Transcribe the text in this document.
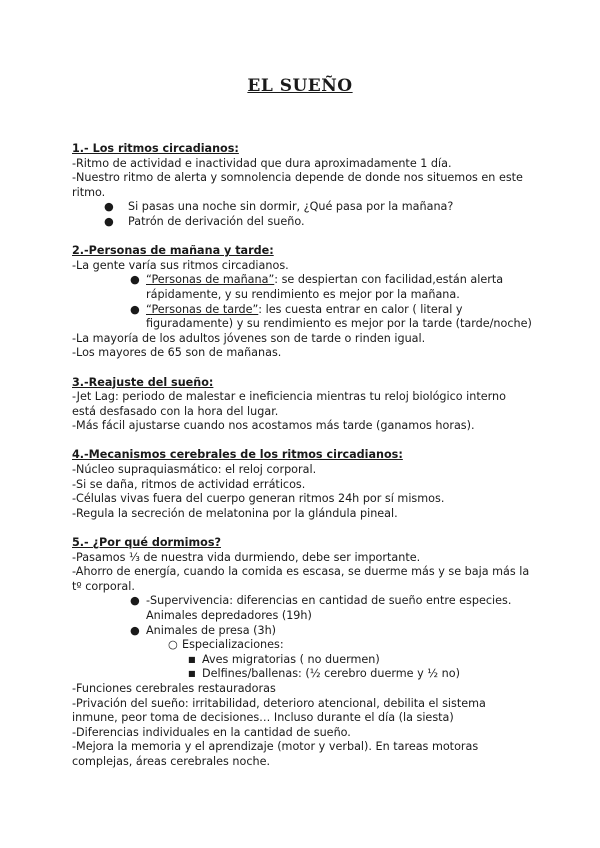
EL SUEÑO
1.- Los ritmos circadianos:
-Ritmo de actividad e inactividad que dura aproximadamente 1 día.
-Nuestro ritmo de alerta y somnolencia depende de donde nos situemos en este ritmo.
● Si pasas una noche sin dormir, ¿Qué pasa por la mañana?
● Patrón de derivación del sueño.
2.-Personas de mañana y tarde:
-La gente varía sus ritmos circadianos.
● “Personas de mañana”: se despiertan con facilidad,están alerta rápidamente, y su rendimiento es mejor por la mañana.
● “Personas de tarde”: les cuesta entrar en calor ( literal y figuradamente) y su rendimiento es mejor por la tarde (tarde/noche)
-La mayoría de los adultos jóvenes son de tarde o rinden igual.
-Los mayores de 65 son de mañanas.
3.-Reajuste del sueño:
-Jet Lag: periodo de malestar e ineficiencia mientras tu reloj biológico interno está desfasado con la hora del lugar.
-Más fácil ajustarse cuando nos acostamos más tarde (ganamos horas).
4.-Mecanismos cerebrales de los ritmos circadianos:
-Núcleo supraquiasmático: el reloj corporal.
-Si se daña, ritmos de actividad erráticos.
-Células vivas fuera del cuerpo generan ritmos 24h por sí mismos.
-Regula la secreción de melatonina por la glándula pineal.
5.- ¿Por qué dormimos?
-Pasamos ⅓ de nuestra vida durmiendo, debe ser importante.
-Ahorro de energía, cuando la comida es escasa, se duerme más y se baja más la tº corporal.
● -Supervivencia: diferencias en cantidad de sueño entre especies. Animales depredadores (19h)
● Animales de presa (3h)
○ Especializaciones:
■ Aves migratorias ( no duermen)
■ Delfines/ballenas: (½ cerebro duerme y ½ no)
-Funciones cerebrales restauradoras
-Privación del sueño: irritabilidad, deterioro atencional, debilita el sistema inmune, peor toma de decisiones… Incluso durante el día (la siesta)
-Diferencias individuales en la cantidad de sueño.
-Mejora la memoria y el aprendizaje (motor y verbal). En tareas motoras complejas, áreas cerebrales noche.
